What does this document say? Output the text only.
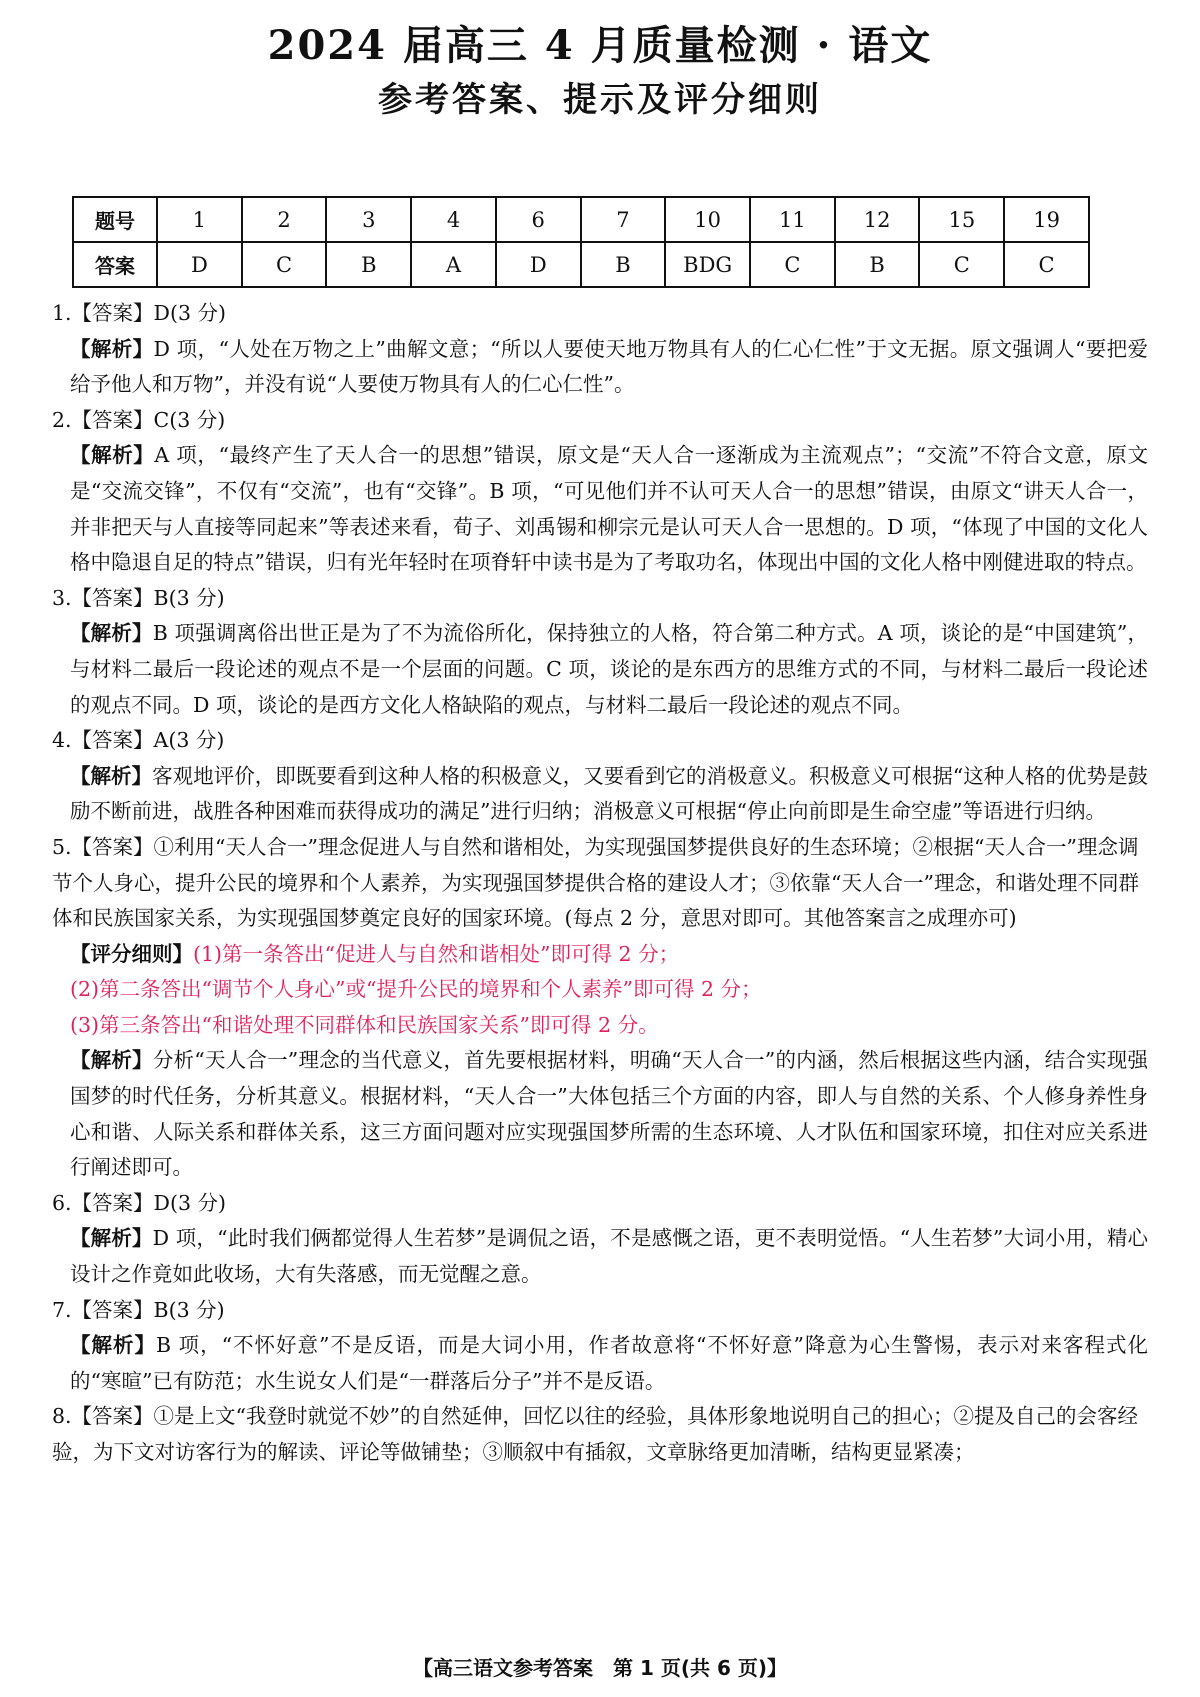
2024 届高三 4 月质量检测 · 语文
参考答案、提示及评分细则
题号	1	2	3	4	6	7	10	11	12	15	19
答案	D	C	B	A	D	B	BDG	C	B	C	C

1.【答案】D(3 分)

【解析】D 项，“人处在万物之上”曲解文意；“所以人要使天地万物具有人的仁心仁性”于文无据。原文强调人“要把爱给予他人和万物”，并没有说“人要使万物具有人的仁心仁性”。

2.【答案】C(3 分)

【解析】A 项，“最终产生了天人合一的思想”错误，原文是“天人合一逐渐成为主流观点”；“交流”不符合文意，原文是“交流交锋”，不仅有“交流”，也有“交锋”。B 项，“可见他们并不认可天人合一的思想”错误，由原文“讲天人合一，并非把天与人直接等同起来”等表述来看，荀子、刘禹锡和柳宗元是认可天人合一思想的。D 项，“体现了中国的文化人格中隐退自足的特点”错误，归有光年轻时在项脊轩中读书是为了考取功名，体现出中国的文化人格中刚健进取的特点。

3.【答案】B(3 分)

【解析】B 项强调离俗出世正是为了不为流俗所化，保持独立的人格，符合第二种方式。A 项，谈论的是“中国建筑”，与材料二最后一段论述的观点不是一个层面的问题。C 项，谈论的是东西方的思维方式的不同，与材料二最后一段论述的观点不同。D 项，谈论的是西方文化人格缺陷的观点，与材料二最后一段论述的观点不同。

4.【答案】A(3 分)

【解析】客观地评价，即既要看到这种人格的积极意义，又要看到它的消极意义。积极意义可根据“这种人格的优势是鼓励不断前进，战胜各种困难而获得成功的满足”进行归纳；消极意义可根据“停止向前即是生命空虚”等语进行归纳。

5.【答案】①利用“天人合一”理念促进人与自然和谐相处，为实现强国梦提供良好的生态环境；②根据“天人合一”理念调节个人身心，提升公民的境界和个人素养，为实现强国梦提供合格的建设人才；③依靠“天人合一”理念，和谐处理不同群体和民族国家关系，为实现强国梦奠定良好的国家环境。(每点 2 分，意思对即可。其他答案言之成理亦可)

【评分细则】(1)第一条答出“促进人与自然和谐相处”即可得 2 分；

(2)第二条答出“调节个人身心”或“提升公民的境界和个人素养”即可得 2 分；

(3)第三条答出“和谐处理不同群体和民族国家关系”即可得 2 分。

【解析】分析“天人合一”理念的当代意义，首先要根据材料，明确“天人合一”的内涵，然后根据这些内涵，结合实现强国梦的时代任务，分析其意义。根据材料，“天人合一”大体包括三个方面的内容，即人与自然的关系、个人修身养性身心和谐、人际关系和群体关系，这三方面问题对应实现强国梦所需的生态环境、人才队伍和国家环境，扣住对应关系进行阐述即可。

6.【答案】D(3 分)

【解析】D 项，“此时我们俩都觉得人生若梦”是调侃之语，不是感慨之语，更不表明觉悟。“人生若梦”大词小用，精心设计之作竟如此收场，大有失落感，而无觉醒之意。

7.【答案】B(3 分)

【解析】B 项，“不怀好意”不是反语，而是大词小用，作者故意将“不怀好意”降意为心生警惕，表示对来客程式化的“寒暄”已有防范；水生说女人们是“一群落后分子”并不是反语。

8.【答案】①是上文“我登时就觉不妙”的自然延伸，回忆以往的经验，具体形象地说明自己的担心；②提及自己的会客经验，为下文对访客行为的解读、评论等做铺垫；③顺叙中有插叙，文章脉络更加清晰，结构更显紧凑；

【高三语文参考答案　第 1 页(共 6 页)】
